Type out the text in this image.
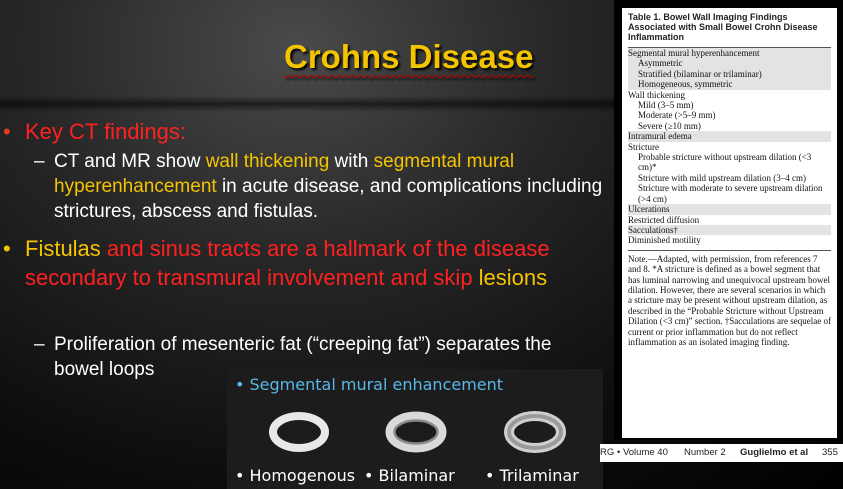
Crohns Disease
• Key CT findings:
– CT and MR show wall thickening with segmental mural hyperenhancement in acute disease, and complications including strictures, abscess and fistulas.
• Fistulas and sinus tracts are a hallmark of the disease secondary to transmural involvement and skip lesions
– Proliferation of mesenteric fat (“creeping fat”) separates the bowel loops
• Segmental mural enhancement
• Homogenous • Bilaminar • Trilaminar
Table 1. Bowel Wall Imaging Findings Associated with Small Bowel Crohn Disease Inflammation
Segmental mural hyperenhancement
Asymmetric
Stratified (bilaminar or trilaminar)
Homogeneous, symmetric
Wall thickening
Mild (3–5 mm)
Moderate (>5–9 mm)
Severe (≥10 mm)
Intramural edema
Stricture
Probable stricture without upstream dilation (<3 cm)*
Stricture with mild upstream dilation (3–4 cm)
Stricture with moderate to severe upstream dilation (>4 cm)
Ulcerations
Restricted diffusion
Sacculations†
Diminished motility
Note.—Adapted, with permission, from references 7 and 8. *A stricture is defined as a bowel segment that has luminal narrowing and unequivocal upstream bowel dilation. However, there are several scenarios in which a stricture may be present without upstream dilation, as described in the “Probable Stricture without Upstream Dilation (<3 cm)” section. †Sacculations are sequelae of current or prior inflammation but do not reflect inflammation as an isolated imaging finding.
RG • Volume 40 Number 2 Guglielmo et al 355
